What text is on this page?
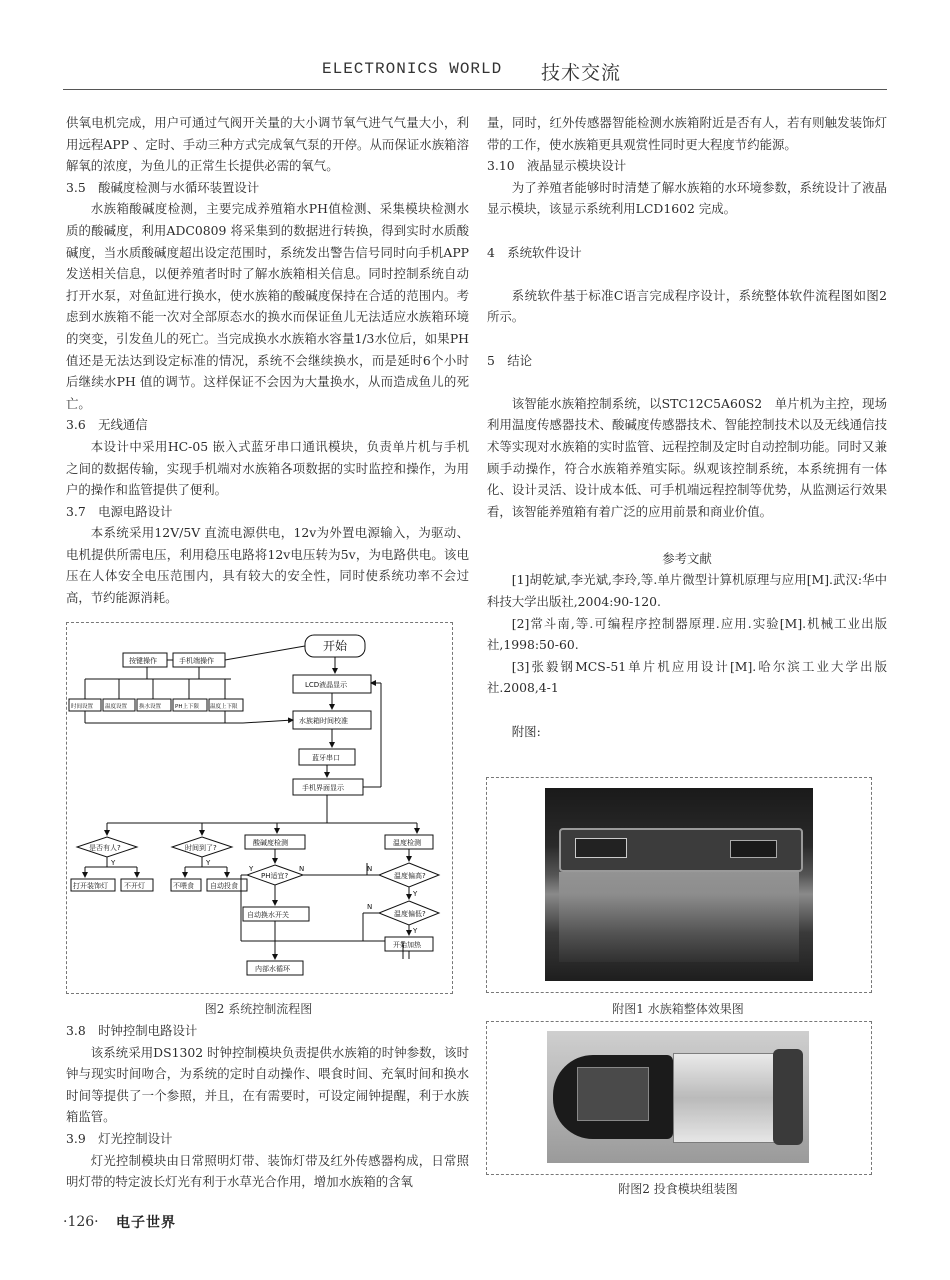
ELECTRONICS WORLD 技术交流

供氧电机完成，用户可通过气阀开关量的大小调节氧气进气气量大小，利用远程APP 、定时、手动三种方式完成氧气泵的开停。从而保证水族箱溶解氧的浓度，为鱼儿的正常生长提供必需的氧气。

3.5　酸碱度检测与水循环装置设计

水族箱酸碱度检测，主要完成养殖箱水PH值检测、采集模块检测水质的酸碱度，利用ADC0809 将采集到的数据进行转换，得到实时水质酸碱度，当水质酸碱度超出设定范围时，系统发出警告信号同时向手机APP 发送相关信息，以便养殖者时时了解水族箱相关信息。同时控制系统自动打开水泵，对鱼缸进行换水，使水族箱的酸碱度保持在合适的范围内。考虑到水族箱不能一次对全部原态水的换水而保证鱼儿无法适应水族箱环境的突变，引发鱼儿的死亡。当完成换水水族箱水容量1/3水位后，如果PH 值还是无法达到设定标准的情况，系统不会继续换水，而是延时6个小时后继续水PH 值的调节。这样保证不会因为大量换水，从而造成鱼儿的死亡。

3.6　无线通信

本设计中采用HC-05 嵌入式蓝牙串口通讯模块，负责单片机与手机之间的数据传输，实现手机端对水族箱各项数据的实时监控和操作，为用户的操作和监管提供了便利。

3.7　电源电路设计

本系统采用12V/5V 直流电源供电，12v为外置电源输入，为驱动、电机提供所需电压，利用稳压电路将12v电压转为5v，为电路供电。该电压在人体安全电压范围内，具有较大的安全性，同时使系统功率不会过高，节约能源消耗。

开始
LCD液晶显示
水族箱时间校准
蓝牙串口
手机界面显示
按键操作	手机端操作
时间设置 温度设置 换水设置	PH上下限 温度上下限
是否有人?
打开装饰灯 不开灯
时间到了?
不喂食 自动投食
酸碱度检测
PH适宜?
自动换水开关
内部水循环
温度检测
温度偏高?
温度偏低?
开始加热
Y	Y
Y	N	N
N
Y
Y
图2 系统控制流程图

3.8　时钟控制电路设计

该系统采用DS1302 时钟控制模块负责提供水族箱的时钟参数，该时钟与现实时间吻合，为系统的定时自动操作、喂食时间、充氧时间和换水时间等提供了一个参照，并且，在有需要时，可设定闹钟提醒，利于水族箱监管。

3.9　灯光控制设计

灯光控制模块由日常照明灯带、装饰灯带及红外传感器构成，日常照明灯带的特定波长灯光有利于水草光合作用，增加水族箱的含氧

量，同时，红外传感器智能检测水族箱附近是否有人，若有则触发装饰灯带的工作，使水族箱更具观赏性同时更大程度节约能源。

3.10　液晶显示模块设计

为了养殖者能够时时清楚了解水族箱的水环境参数，系统设计了液晶显示模块，该显示系统利用LCD1602 完成。

4　系统软件设计

系统软件基于标准C语言完成程序设计，系统整体软件流程图如图2所示。

5　结论

该智能水族箱控制系统，以STC12C5A60S2　单片机为主控，现场利用温度传感器技术、酸碱度传感器技术、智能控制技术以及无线通信技术等实现对水族箱的实时监管、远程控制及定时自动控制功能。同时又兼顾手动操作，符合水族箱养殖实际。纵观该控制系统，本系统拥有一体化、设计灵活、设计成本低、可手机端远程控制等优势，从监测运行效果看，该智能养殖箱有着广泛的应用前景和商业价值。

参考文献

[1]胡乾斌,李光斌,李玲,等.单片微型计算机原理与应用[M].武汉:华中科技大学出版社,2004:90-120.

[2]常斗南,等.可编程序控制器原理.应用.实验[M].机械工业出版社,1998:50-60.

[3]张毅钢MCS-51单片机应用设计[M].哈尔滨工业大学出版社.2008,4-1

附图:

附图1 水族箱整体效果图
附图2 投食模块组装图
·126· 电子世界
